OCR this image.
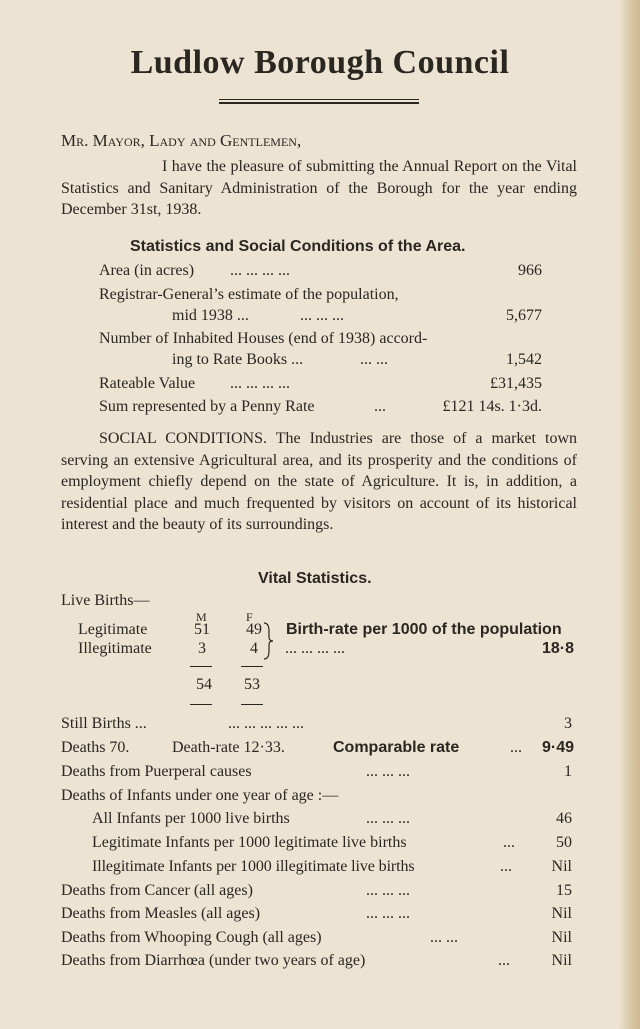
Ludlow Borough Council
Mr. Mayor, Lady and Gentlemen,
I have the pleasure of submitting the Annual Report on the Vital Statistics and Sanitary Administration of the Borough for the year ending December 31st, 1938.
Statistics and Social Conditions of the Area.
Area (in acres) ... ... ... ...	966
Registrar-General’s estimate of the population,
mid 1938 ...	... ... ...	5,677
Number of Inhabited Houses (end of 1938) accord-
ing to Rate Books ...	... ...	1,542
Rateable Value ... ... ... ...	£31,435
Sum represented by a Penny Rate	...	£121 14s. 1·3d.
SOCIAL CONDITIONS. The Industries are those of a market town serving an extensive Agricultural area, and its prosperity and the conditions of employment chiefly depend on the state of Agriculture. It is, in addition, a residential place and much frequented by visitors on account of its historical interest and the beauty of its surroundings.
Vital Statistics.
Live Births—
M	F
Legitimate	51	49
Illegitimate	3	4
Birth-rate per 1000 of the population
... ... ... ...	18·8
54	53
Still Births ...	... ... ... ... ...	3
Deaths 70.	Death-rate 12·33.	Comparable rate	...	9·49
Deaths from Puerperal causes	... ... ...	1
Deaths of Infants under one year of age :—
All Infants per 1000 live births	... ... ...	46
Legitimate Infants per 1000 legitimate live births	...	50
Illegitimate Infants per 1000 illegitimate live births	...	Nil
Deaths from Cancer (all ages)	... ... ...	15
Deaths from Measles (all ages)	... ... ...	Nil
Deaths from Whooping Cough (all ages)	... ...	Nil
Deaths from Diarrhœa (under two years of age)	...	Nil
